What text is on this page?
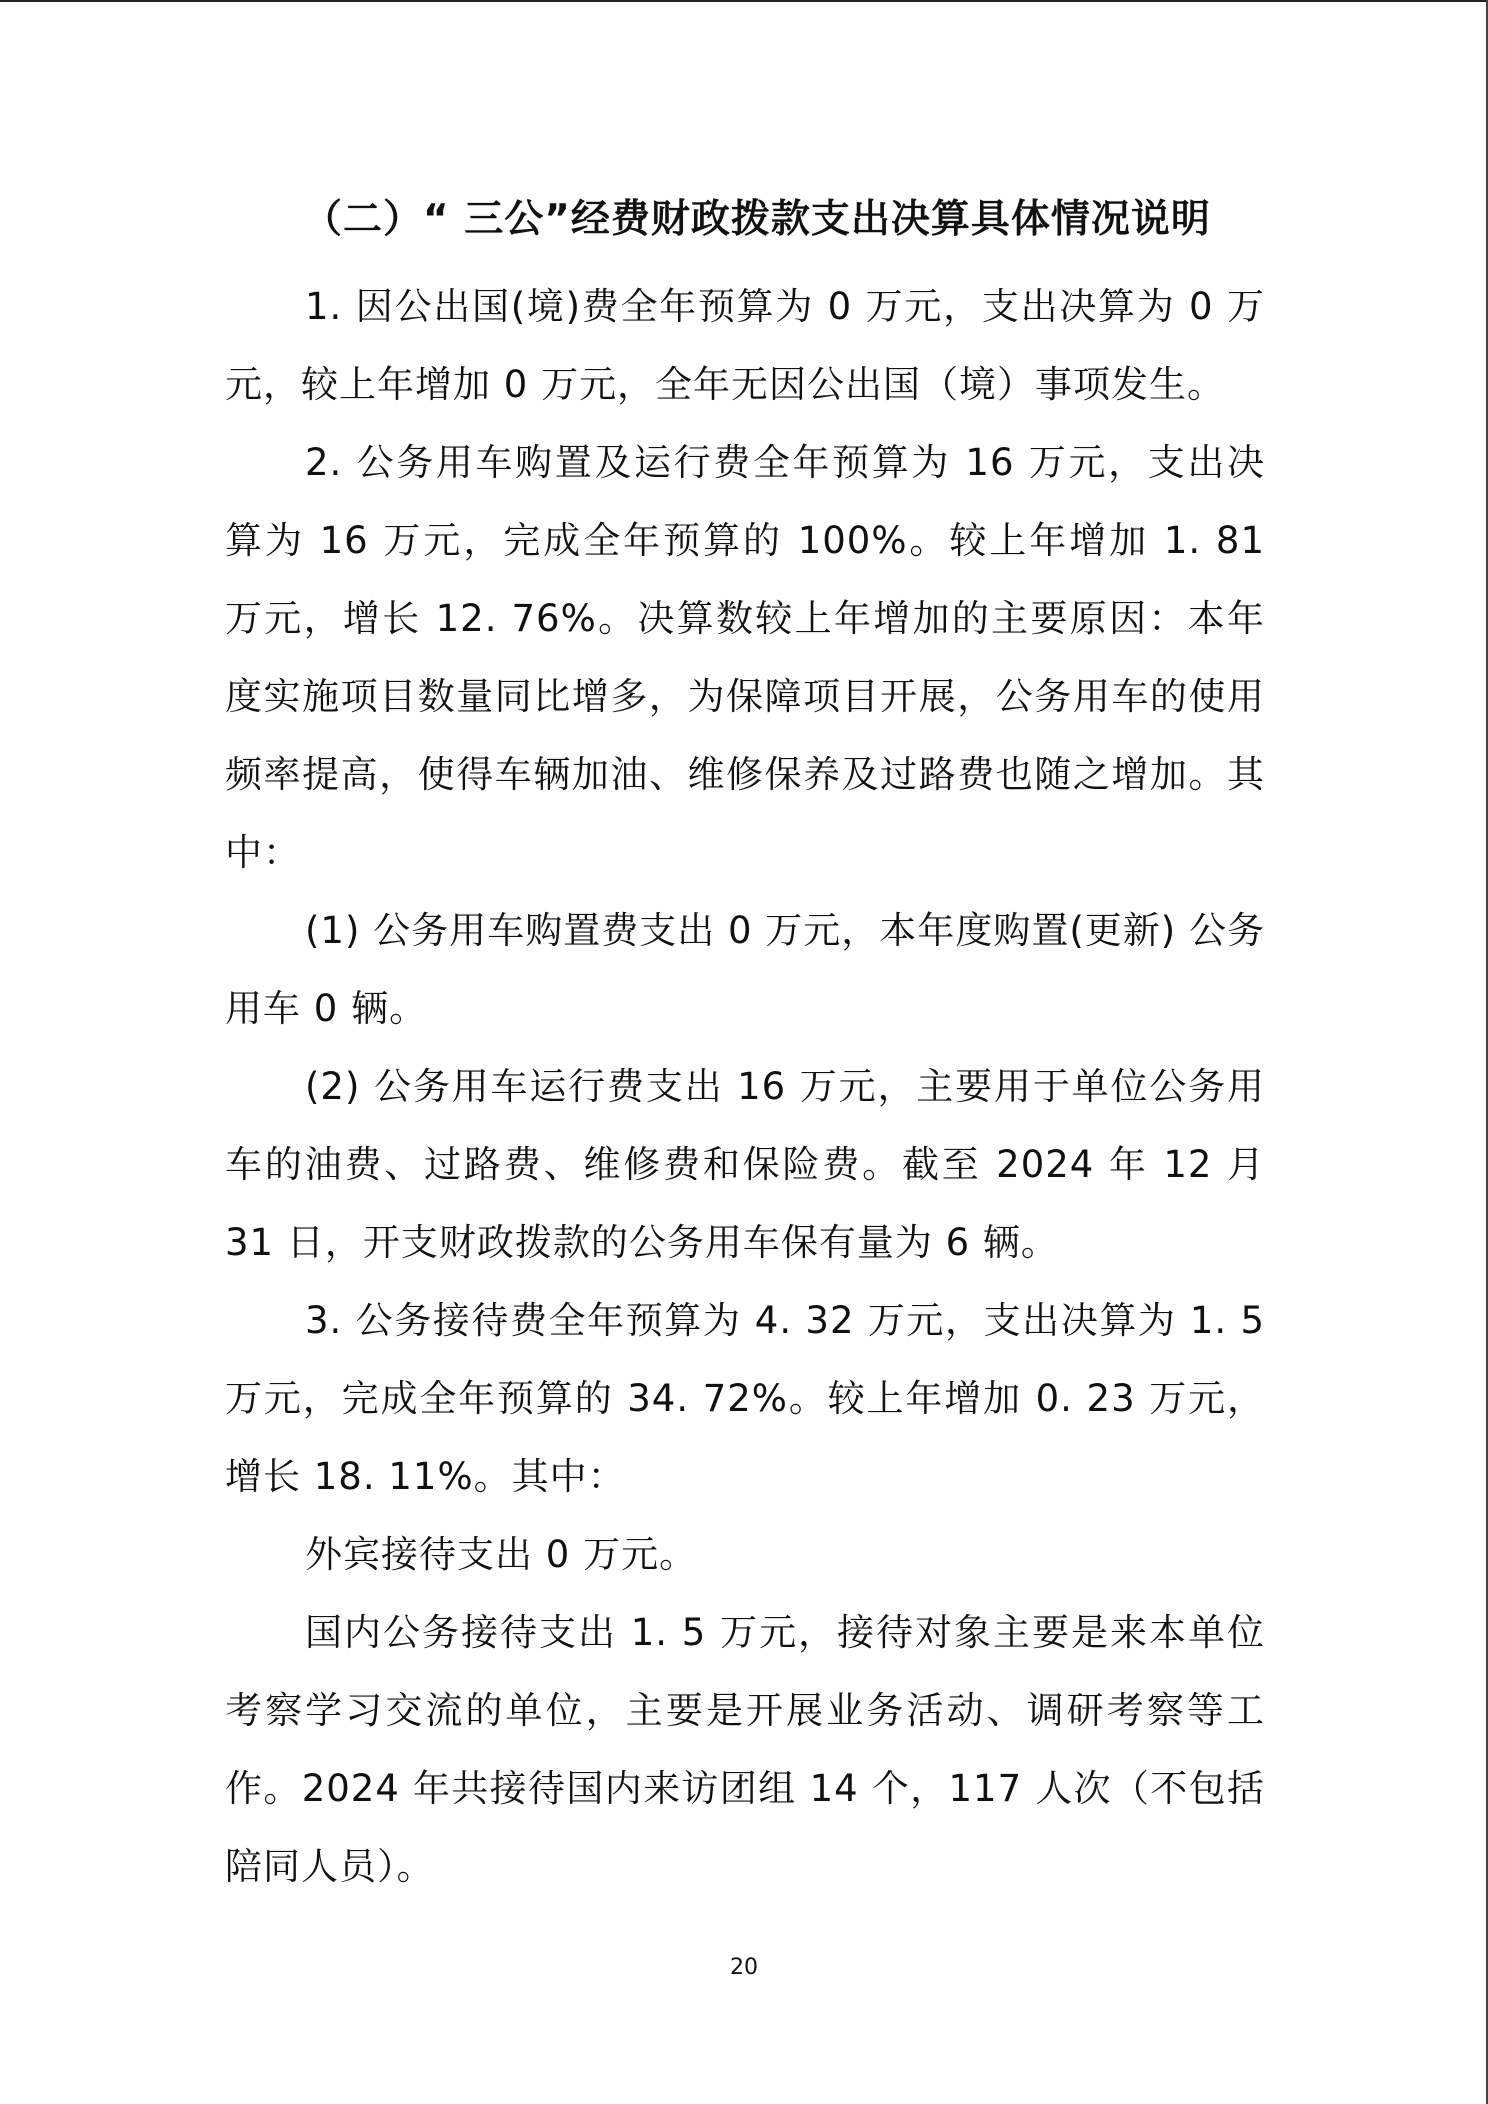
（二）“ 三公”经费财政拨款支出决算具体情况说明

1. 因公出国(境)费全年预算为 0 万元，支出决算为 0 万元，较上年增加 0 万元，全年无因公出国（境）事项发生。

2. 公务用车购置及运行费全年预算为 16 万元，支出决算为 16 万元，完成全年预算的 100%。较上年增加 1. 81 万元，增长 12. 76%。决算数较上年增加的主要原因：本年度实施项目数量同比增多，为保障项目开展，公务用车的使用频率提高，使得车辆加油、维修保养及过路费也随之增加。其中：

(1) 公务用车购置费支出 0 万元，本年度购置(更新) 公务用车 0 辆。

(2) 公务用车运行费支出 16 万元，主要用于单位公务用车的油费、过路费、维修费和保险费。截至 2024 年 12 月 31 日，开支财政拨款的公务用车保有量为 6 辆。

3. 公务接待费全年预算为 4. 32 万元，支出决算为 1. 5 万元，完成全年预算的 34. 72%。较上年增加 0. 23 万元，增长 18. 11%。其中：

外宾接待支出 0 万元。

国内公务接待支出 1. 5 万元，接待对象主要是来本单位考察学习交流的单位，主要是开展业务活动、调研考察等工作。2024 年共接待国内来访团组 14 个，117 人次（不包括陪同人员）。

20
